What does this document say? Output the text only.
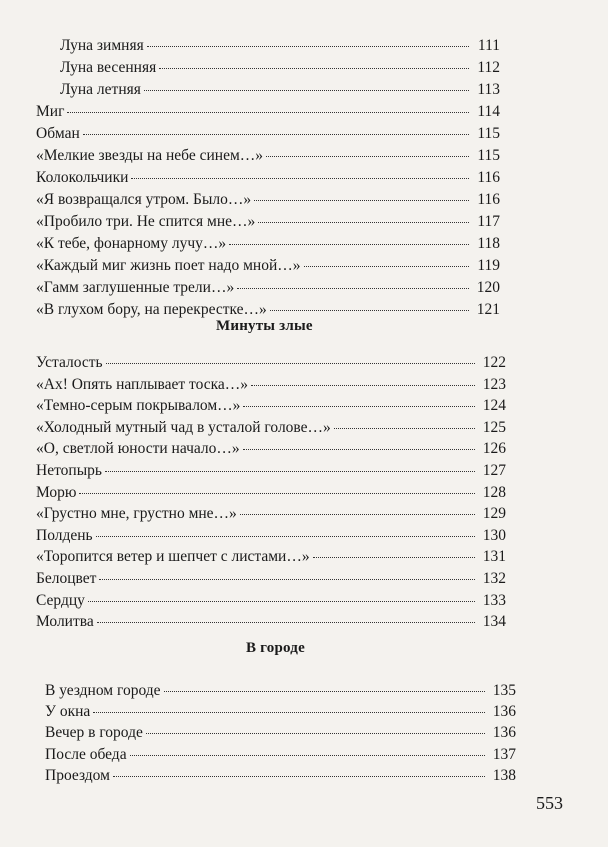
Минуты злые
В городе
Луна зимняя	111
Луна весенняя	112
Луна летняя	113
Миг	114
Обман	115
«Мелкие звезды на небе синем…»	115
Колокольчики	116
«Я возвращался утром. Было…»	116
«Пробило три. Не спится мне…»	117
«К тебе, фонарному лучу…»	118
«Каждый миг жизнь поет надо мной…»	119
«Гамм заглушенные трели…»	120
«В глухом бору, на перекрестке…»	121
Усталость	122
«Ах! Опять наплывает тоска…»	123
«Темно-серым покрывалом…»	124
«Холодный мутный чад в усталой голове…»	125
«О, светлой юности начало…»	126
Нетопырь	127
Морю	128
«Грустно мне, грустно мне…»	129
Полдень	130
«Торопится ветер и шепчет с листами…»	131
Белоцвет	132
Сердцу	133
Молитва	134
В уездном городе	135
У окна	136
Вечер в городе	136
После обеда	137
Проездом	138
553
